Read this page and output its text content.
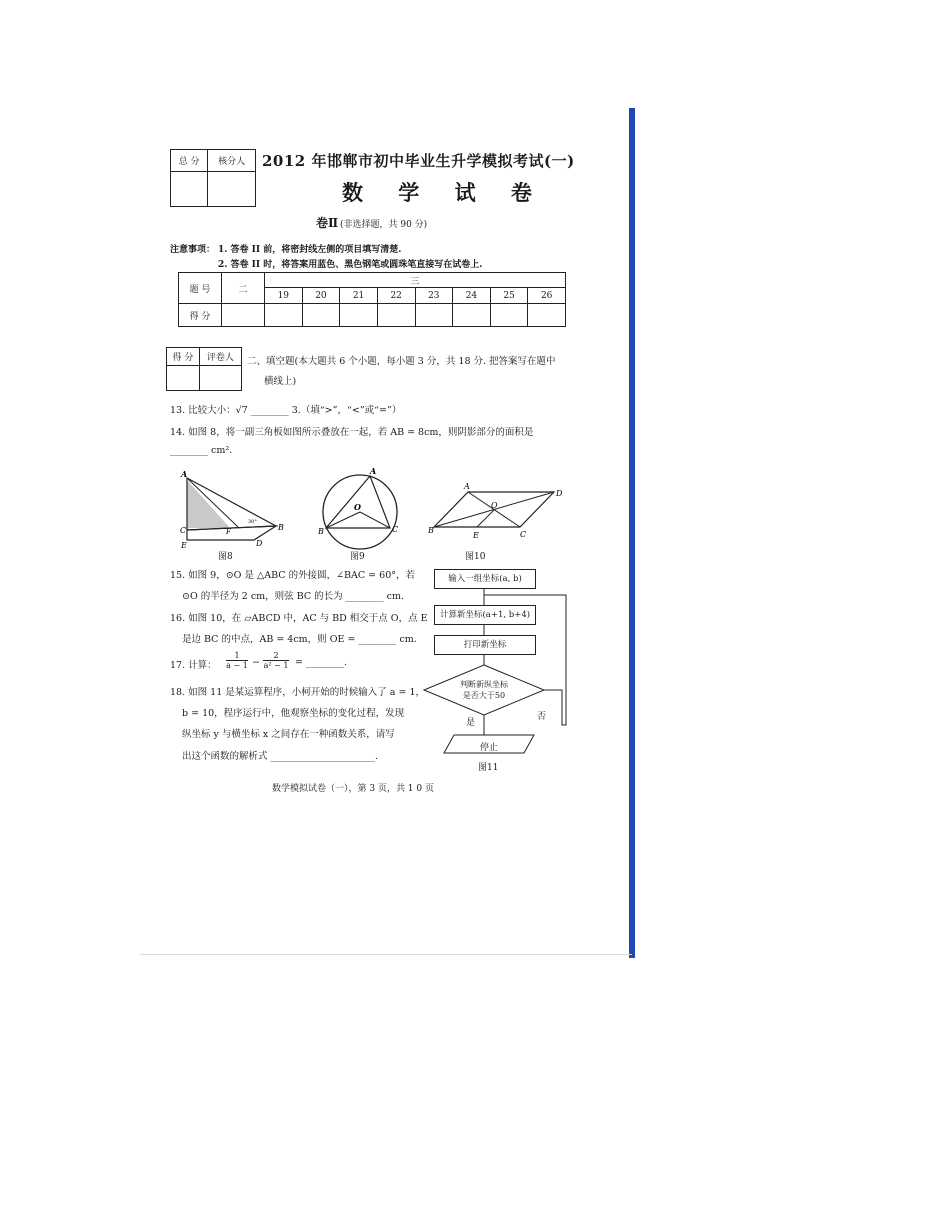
总 分	核分人
	2012 年邯郸市初中毕业生升学模拟考试(一)
数 学 试 卷
卷Ⅱ (非选择题，共 90 分)
注意事项： 1. 答卷 II 前，将密封线左侧的项目填写清楚.
2. 答卷 II 时，将答案用蓝色、黑色钢笔或圆珠笔直接写在试卷上.
题 号	二	三							
		19	20	21	22	23	24	25	26
得 分									
得 分	评卷人
	二、填空题(本大题共 6 个小题，每小题 3 分，共 18 分. 把答案写在题中
横线上)
13. 比较大小：√7 ________ 3.（填“>”，“<”或“=”）
14. 如图 8，将一副三角板如图所示叠放在一起，若 AB = 8cm，则阴影部分的面积是
________ cm².
A
B
C
D
E
F
30°
图8
A
B	C
O
图9
A
B	C
D
E
O
图10
15. 如图 9，⊙O 是 △ABC 的外接圆，∠BAC = 60°，若
⊙O 的半径为 2 cm，则弦 BC 的长为 ________ cm.
16. 如图 10，在 ▱ABCD 中，AC 与 BD 相交于点 O，点 E
是边 BC 的中点，AB = 4cm，则 OE = ________ cm.
17. 计算： $\frac{1}{a - 1} - \frac{2}{\text{a² − 1}}$ = ________.
18. 如图 11 是某运算程序，小柯开始的时候输入了 a = 1，
b = 10，程序运行中，他观察坐标的变化过程，发现
纵坐标 y 与横坐标 x 之间存在一种函数关系，请写
出这个函数的解析式 ______________________.
输入一组坐标(a, b)
计算新坐标(a+1, b+4)
打印新坐标
判断新纵坐标
是否大于50
是
否
停止
图11
数学模拟试卷（一），第 3 页，共 1 0 页
